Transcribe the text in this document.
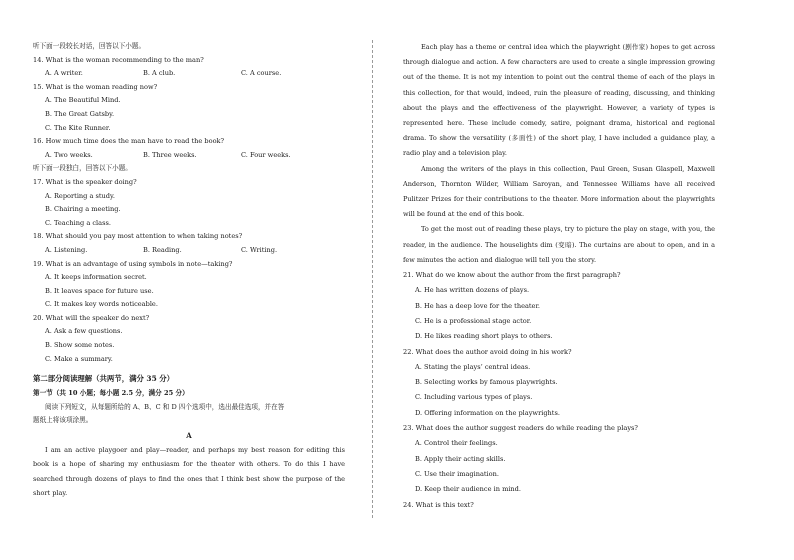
听下面一段较长对话，回答以下小题。
14. What is the woman recommending to the man?
A. A writer.	B. A club.	C. A course.
15. What is the woman reading now?
A. The Beautiful Mind.
B. The Great Gatsby.
C. The Kite Runner.
16. How much time does the man have to read the book?
A. Two weeks.	B. Three weeks.	C. Four weeks.
听下面一段独白，回答以下小题。
17. What is the speaker doing?
A. Reporting a study.
B. Chairing a meeting.
C. Teaching a class.
18. What should you pay most attention to when taking notes?
A. Listening.	B. Reading.	C. Writing.
19. What is an advantage of using symbols in note—taking?
A. It keeps information secret.
B. It leaves space for future use.
C. It makes key words noticeable.
20. What will the speaker do next?
A. Ask a few questions.
B. Show some notes.
C. Make a summary.
第二部分阅读理解（共两节，满分 35 分）
第一节（共 10 小题；每小题 2.5 分，满分 25 分）
阅读下列短文，从每题所给的 A、B、C 和 D 四个选项中，选出最佳选项，并在答
题纸上将该项涂黑。
A

I am an active playgoer and play—reader, and perhaps my best reason for editing this book is a hope of sharing my enthusiasm for the theater with others. To do this I have searched through dozens of plays to find the ones that I think best show the purpose of the short play.

Each play has a theme or central idea which the playwright (剧作家) hopes to get across through dialogue and action. A few characters are used to create a single impression growing out of the theme. It is not my intention to point out the central theme of each of the plays in this collection, for that would, indeed, ruin the pleasure of reading, discussing, and thinking about the plays and the effectiveness of the playwright. However, a variety of types is represented here. These include comedy, satire, poignant drama, historical and regional drama. To show the versatility (多面性) of the short play, I have included a guidance play, a radio play and a television play.

Among the writers of the plays in this collection, Paul Green, Susan Glaspell, Maxwell Anderson, Thornton Wilder, William Saroyan, and Tennessee Williams have all received Pulitzer Prizes for their contributions to the theater. More information about the playwrights will be found at the end of this book.

To get the most out of reading these plays, try to picture the play on stage, with you, the reader, in the audience. The houselights dim (变暗). The curtains are about to open, and in a few minutes the action and dialogue will tell you the story.

21. What do we know about the author from the first paragraph?
A. He has written dozens of plays.
B. He has a deep love for the theater.
C. He is a professional stage actor.
D. He likes reading short plays to others.
22. What does the author avoid doing in his work?
A. Stating the plays’ central ideas.
B. Selecting works by famous playwrights.
C. Including various types of plays.
D. Offering information on the playwrights.
23. What does the author suggest readers do while reading the plays?
A. Control their feelings.
B. Apply their acting skills.
C. Use their imagination.
D. Keep their audience in mind.
24. What is this text?
